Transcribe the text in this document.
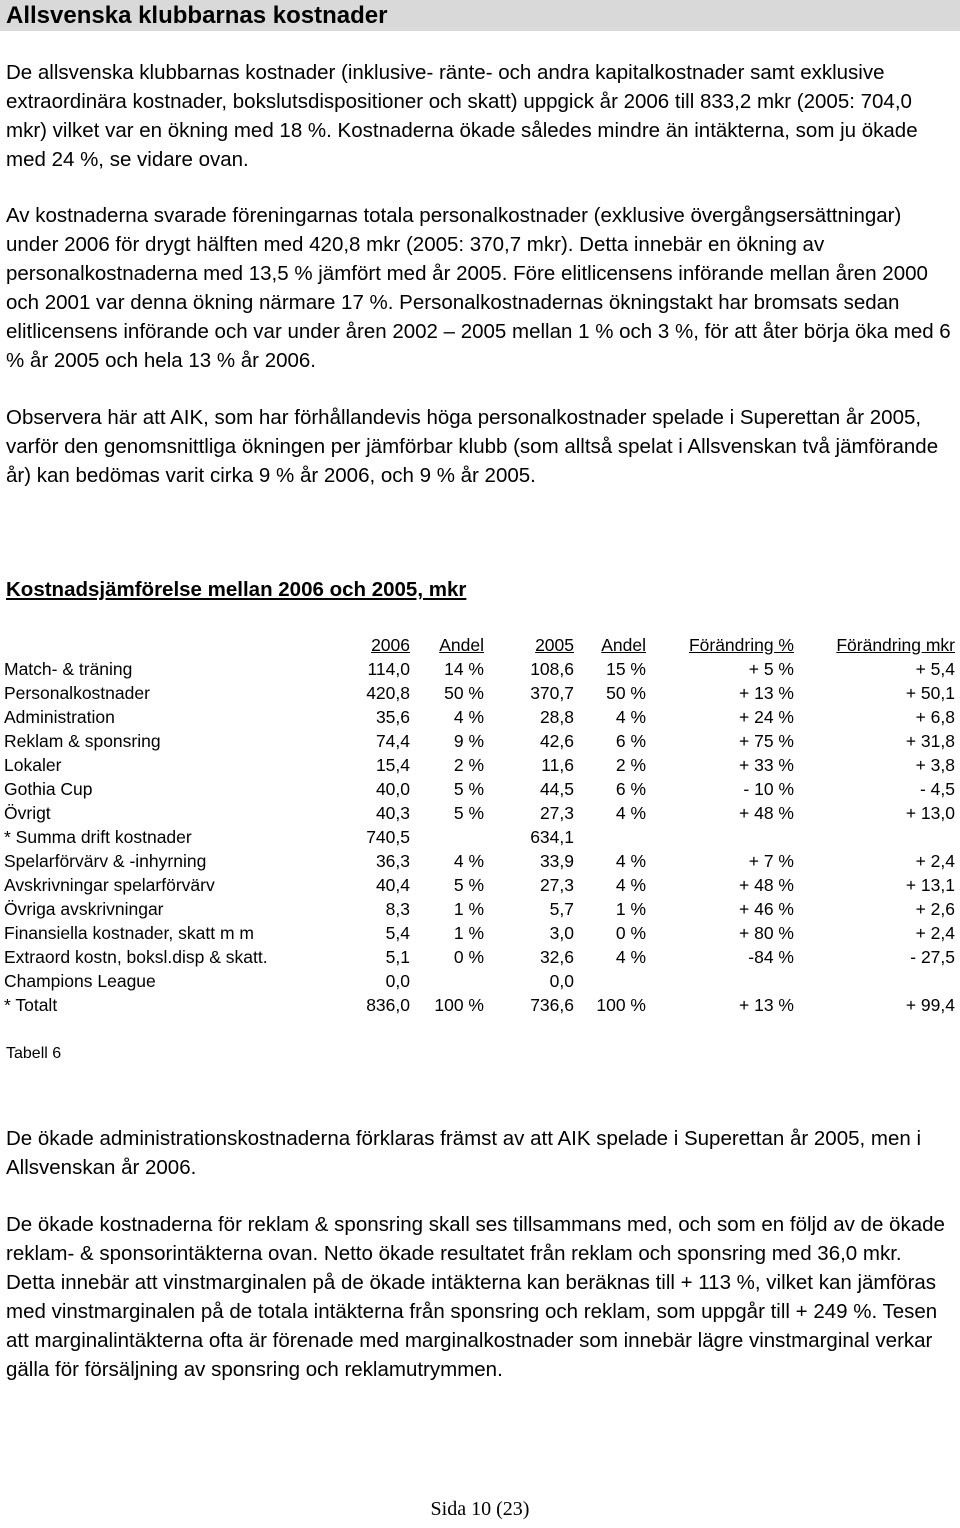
Allsvenska klubbarnas kostnader

De allsvenska klubbarnas kostnader (inklusive- ränte- och andra kapitalkostnader samt exklusive extraordinära kostnader, bokslutsdispositioner och skatt) uppgick år 2006 till 833,2 mkr (2005: 704,0 mkr) vilket var en ökning med 18 %. Kostnaderna ökade således mindre än intäkterna, som ju ökade med 24 %, se vidare ovan.

Av kostnaderna svarade föreningarnas totala personalkostnader (exklusive övergångsersättningar) under 2006 för drygt hälften med 420,8 mkr (2005: 370,7 mkr). Detta innebär en ökning av personalkostnaderna med 13,5 % jämfört med år 2005. Före elitlicensens införande mellan åren 2000 och 2001 var denna ökning närmare 17 %. Personalkostnadernas ökningstakt har bromsats sedan elitlicensens införande och var under åren 2002 – 2005 mellan 1 % och 3 %, för att åter börja öka med 6 % år 2005 och hela 13 % år 2006.

Observera här att AIK, som har förhållandevis höga personalkostnader spelade i Superettan år 2005, varför den genomsnittliga ökningen per jämförbar klubb (som alltså spelat i Allsvenskan två jämförande år) kan bedömas varit cirka 9 % år 2006, och 9 % år 2005.

Kostnadsjämförelse mellan 2006 och 2005, mkr

	2006	Andel	2005	Andel	Förändring %	Förändring mkr
Match- & träning	114,0	14 %	108,6	15 %	+ 5 %	+ 5,4
Personalkostnader	420,8	50 %	370,7	50 %	+ 13 %	+ 50,1
Administration	35,6	4 %	28,8	4 %	+ 24 %	+ 6,8
Reklam & sponsring	74,4	9 %	42,6	6 %	+ 75 %	+ 31,8
Lokaler	15,4	2 %	11,6	2 %	+ 33 %	+ 3,8
Gothia Cup	40,0	5 %	44,5	6 %	- 10 %	- 4,5
Övrigt	40,3	5 %	27,3	4 %	+ 48 %	+ 13,0
* Summa drift kostnader	740,5		634,1			
Spelarförvärv & -inhyrning	36,3	4 %	33,9	4 %	+ 7 %	+ 2,4
Avskrivningar spelarförvärv	40,4	5 %	27,3	4 %	+ 48 %	+ 13,1
Övriga avskrivningar	8,3	1 %	5,7	1 %	+ 46 %	+ 2,6
Finansiella kostnader, skatt m m	5,4	1 %	3,0	0 %	+ 80 %	+ 2,4
Extraord kostn, boksl.disp & skatt.	5,1	0 %	32,6	4 %	-84 %	- 27,5
Champions League	0,0		0,0			
* Totalt	836,0	100 %	736,6	100 %	+ 13 %	+ 99,4
Tabell 6

De ökade administrationskostnaderna förklaras främst av att AIK spelade i Superettan år 2005, men i Allsvenskan år 2006.

De ökade kostnaderna för reklam & sponsring skall ses tillsammans med, och som en följd av de ökade reklam- & sponsorintäkterna ovan. Netto ökade resultatet från reklam och sponsring med 36,0 mkr. Detta innebär att vinstmarginalen på de ökade intäkterna kan beräknas till + 113 %, vilket kan jämföras med vinstmarginalen på de totala intäkterna från sponsring och reklam, som uppgår till + 249 %. Tesen att marginalintäkterna ofta är förenade med marginalkostnader som innebär lägre vinstmarginal verkar gälla för försäljning av sponsring och reklamutrymmen.

Sida 10 (23)
